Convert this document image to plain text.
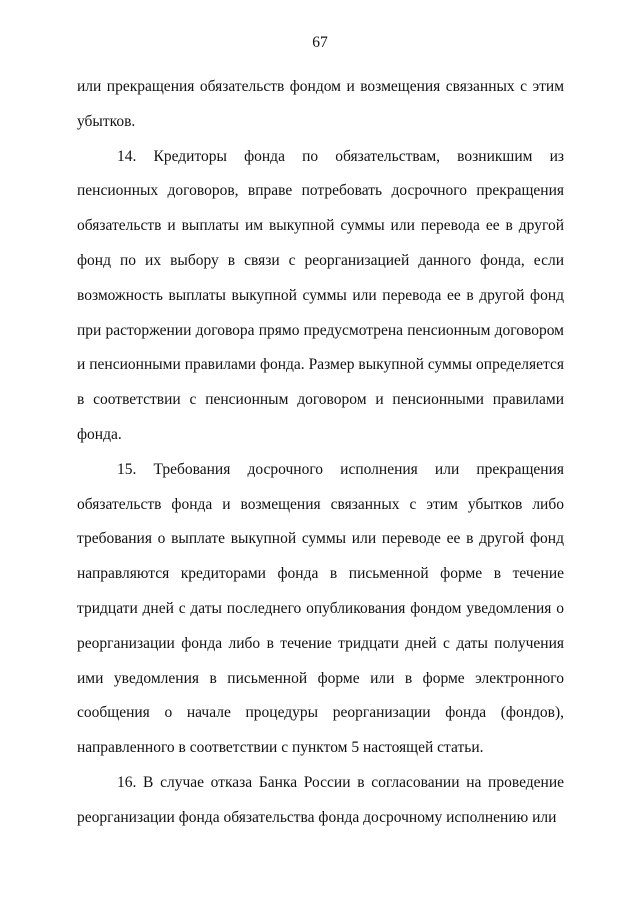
67

или прекращения обязательств фондом и возмещения связанных с этим убытков.

14. Кредиторы фонда по обязательствам, возникшим из пенсионных договоров, вправе потребовать досрочного прекращения обязательств и выплаты им выкупной суммы или перевода ее в другой фонд по их выбору в связи с реорганизацией данного фонда, если возможность выплаты выкупной суммы или перевода ее в другой фонд при расторжении договора прямо предусмотрена пенсионным договором и пенсионными правилами фонда. Размер выкупной суммы определяется в соответствии с пенсионным договором и пенсионными правилами фонда.

15. Требования досрочного исполнения или прекращения обязательств фонда и возмещения связанных с этим убытков либо требования о выплате выкупной суммы или переводе ее в другой фонд направляются кредиторами фонда в письменной форме в течение тридцати дней с даты последнего опубликования фондом уведомления о реорганизации фонда либо в течение тридцати дней с даты получения ими уведомления в письменной форме или в форме электронного сообщения о начале процедуры реорганизации фонда (фондов), направленного в соответствии с пунктом 5 настоящей статьи.

16. В случае отказа Банка России в согласовании на проведение реорганизации фонда обязательства фонда досрочному исполнению или
